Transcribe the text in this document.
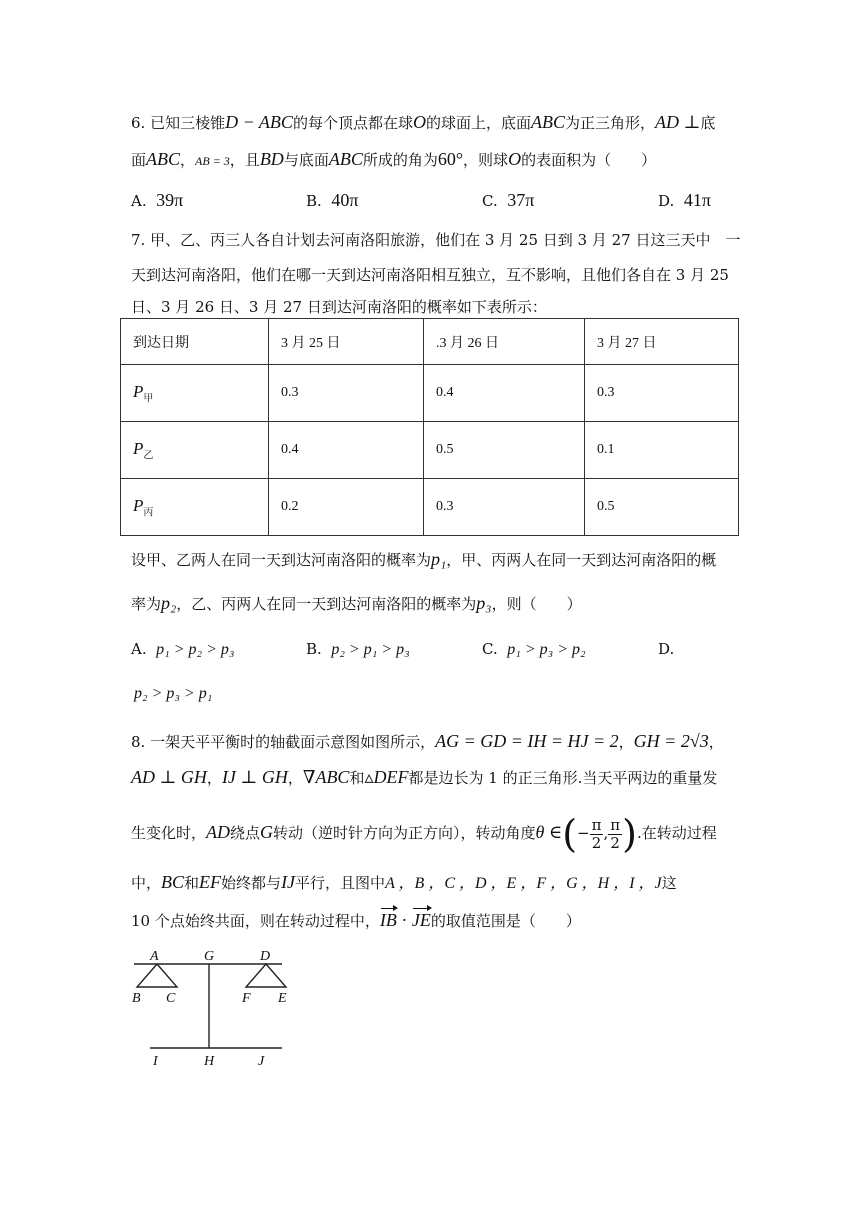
6. 已知三棱锥D − ABC的每个顶点都在球O的球面上，底面ABC为正三角形，AD ⊥底
面ABC，AB = 3，且BD与底面ABC所成的角为60°，则球O的表面积为（　　）
A. 39π	B. 40π	C. 37π	D. 41π
7. 甲、乙、丙三人各自计划去河南洛阳旅游，他们在 3 月 25 日到 3 月 27 日这三天中　一
天到达河南洛阳，他们在哪一天到达河南洛阳相互独立，互不影响，且他们各自在 3 月 25
日、3 月 26 日、3 月 27 日到达河南洛阳的概率如下表所示：
到达日期	3 月 25 日	.3 月 26 日	3 月 27 日
$P_甲$	0.3	0.4	0.3
$P_乙$	0.4	0.5	0.1
$P_丙$	0.2	0.3	0.5
设甲、乙两人在同一天到达河南洛阳的概率为p₁，甲、丙两人在同一天到达河南洛阳的概
率为p₂，乙、丙两人在同一天到达河南洛阳的概率为p₃，则（　　）
A. p₁ > p₂ > p₃	B. p₂ > p₁ > p₃	C. p₁ > p₃ > p₂	D.
p₂ > p₃ > p₁
8. 一架天平平衡时的轴截面示意图如图所示，AG = GD = IH = HJ = 2，GH = 2√3，
AD ⊥ GH，IJ ⊥ GH，∇ABC和▵DEF都是边长为 1 的正三角形.当天平两边的重量发
生变化时，AD绕点G转动（逆时针方向为正方向），转动角度θ ∈(− $\frac{\pi}{2}$ , $\frac{\pi}{2}$ ).在转动过程
中，BC和EF始终都与IJ平行，且图中A ，B ，C ，D ，E ，F ，G ，H ，I ，J这
10 个点始终共面，则在转动过程中，IB · JE的取值范围是（　　）
A	G	D
B C	F E
I	H	J
